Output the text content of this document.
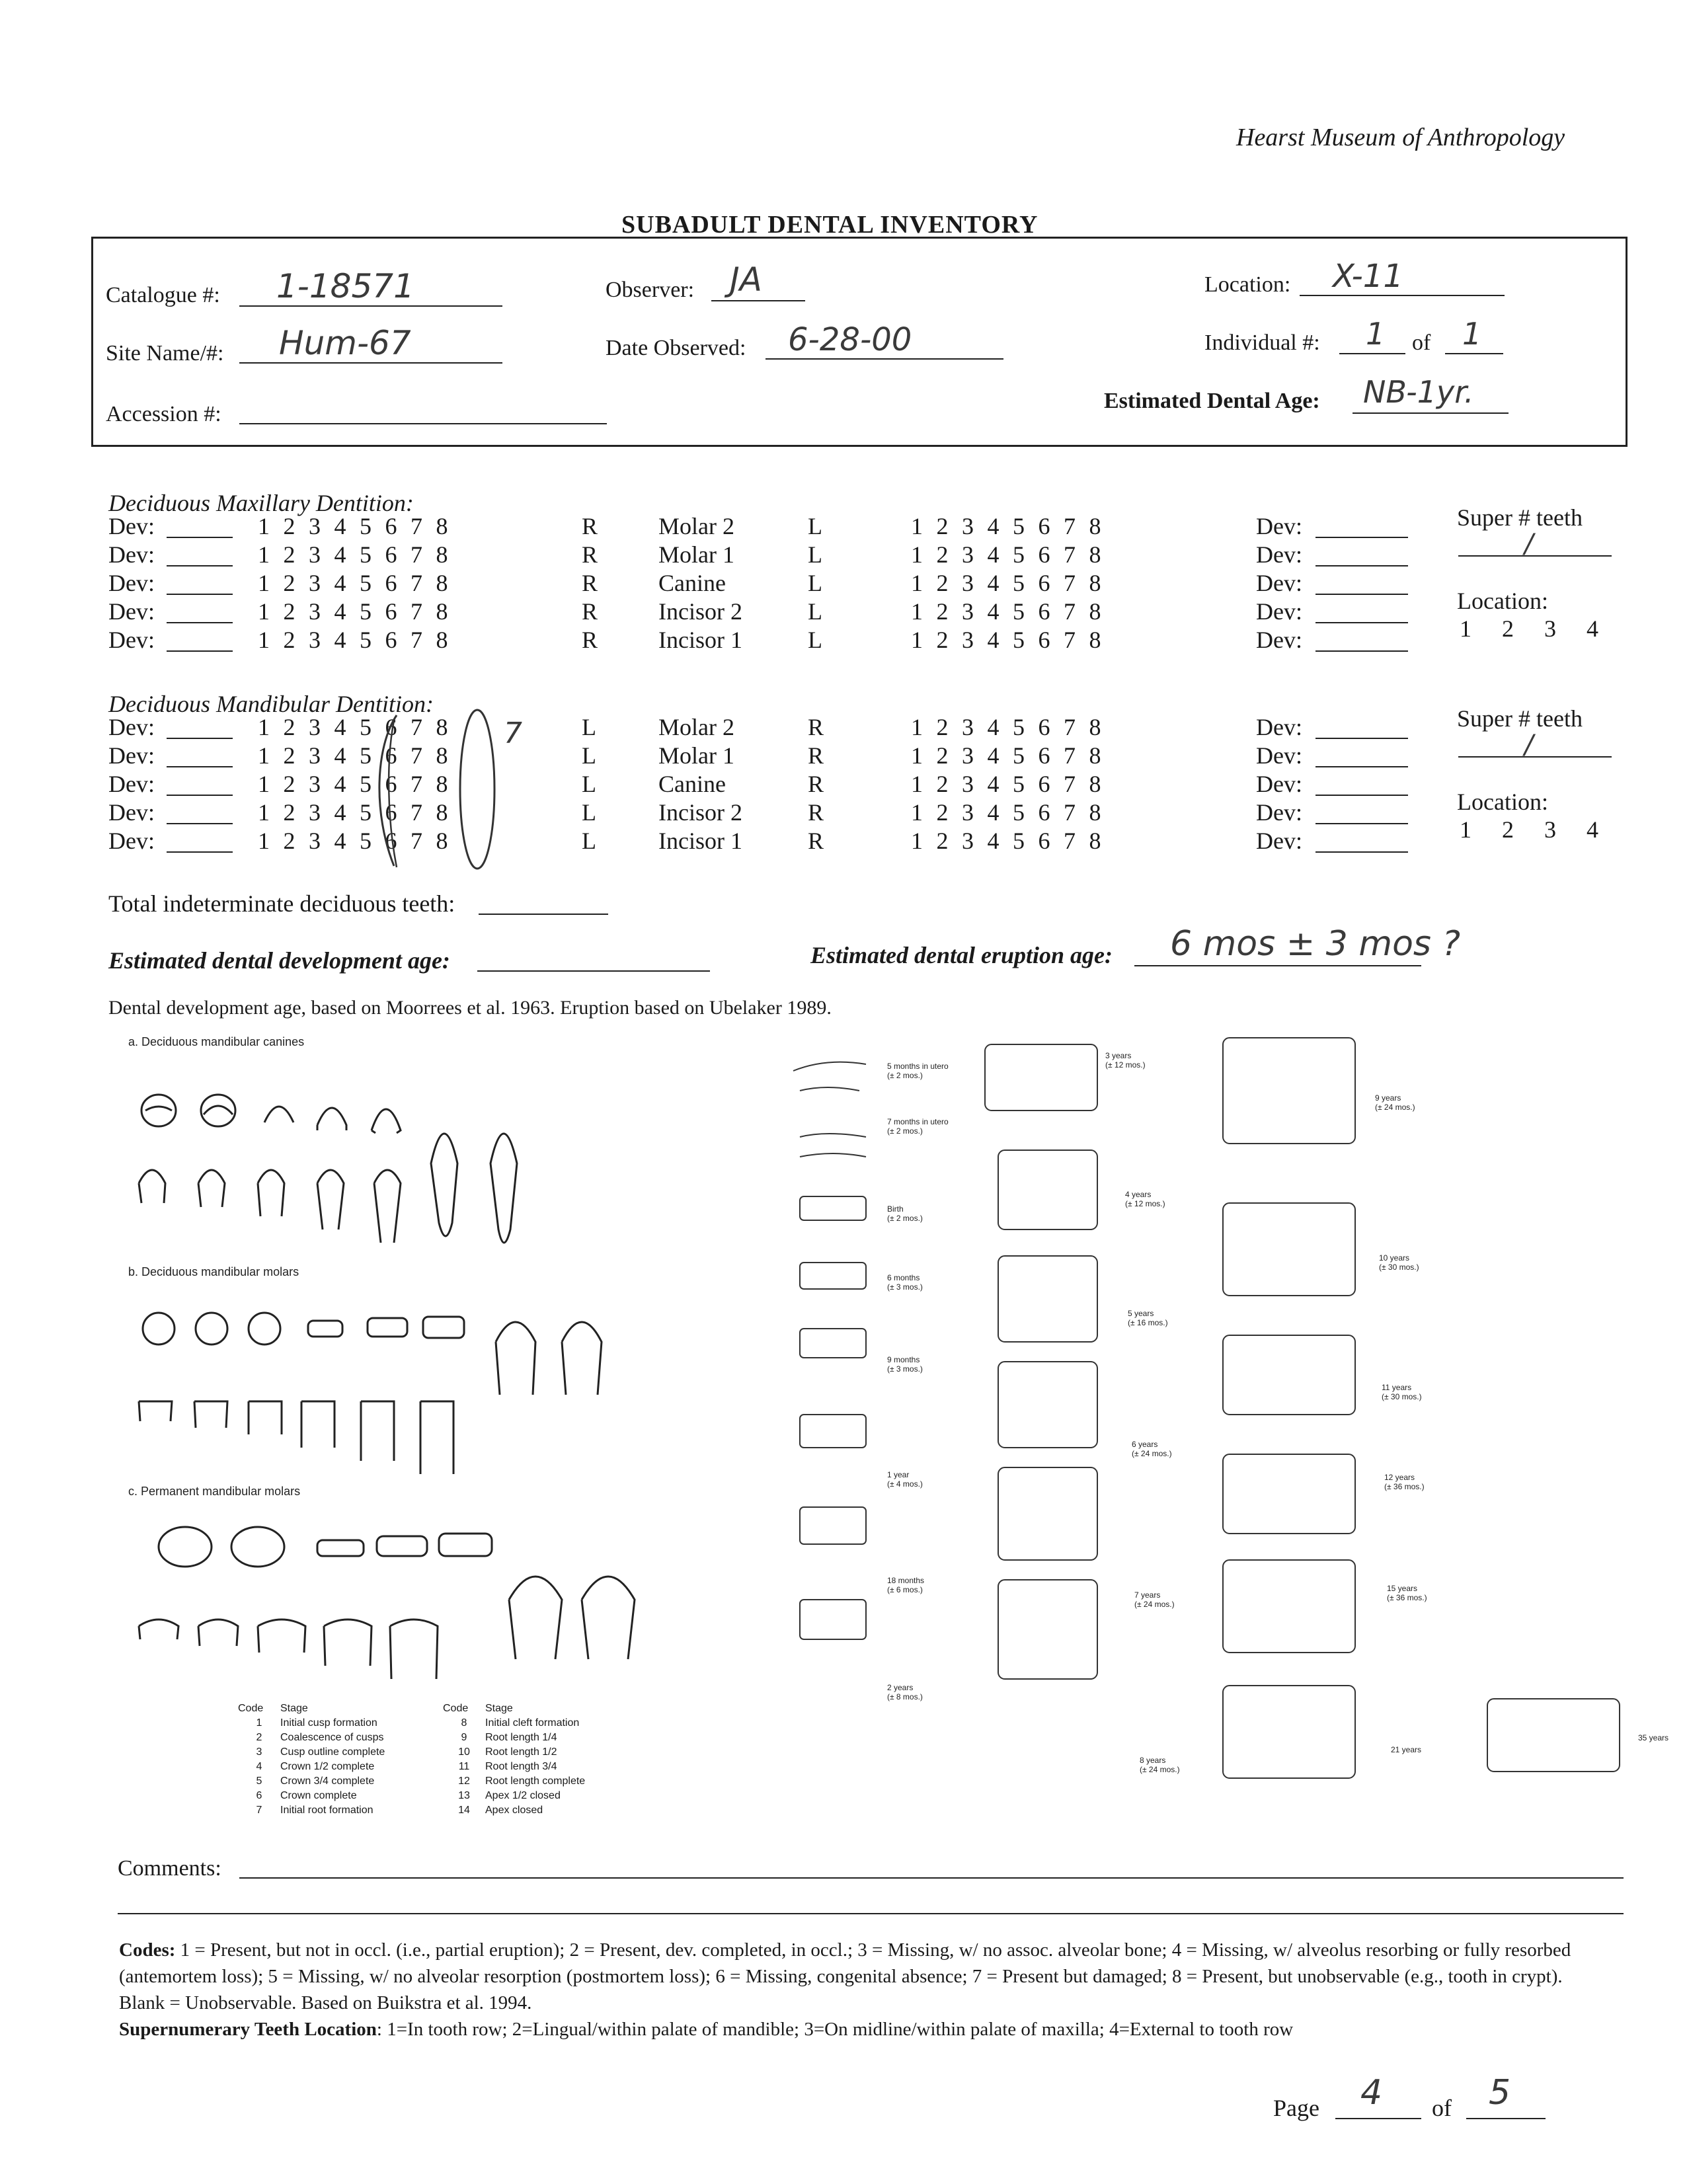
Hearst Museum of Anthropology
SUBADULT DENTAL INVENTORY
Catalogue #: 1-18571	Observer: JA	Location: X-11
Site Name/#: Hum-67	Date Observed: 6-28-00	Individual #: 1 of 1
Accession #:
Estimated Dental Age: NB-1yr.
Deciduous Maxillary Dentition:
Dev:	1 2 3 4 5 6 7 8	R	Molar 2	L	1 2 3 4 5 6 7 8	Dev:
Dev:	1 2 3 4 5 6 7 8	R	Molar 1	L	1 2 3 4 5 6 7 8	Dev:
Dev:	1 2 3 4 5 6 7 8	R	Canine	L	1 2 3 4 5 6 7 8	Dev:
Dev:	1 2 3 4 5 6 7 8	R	Incisor 2	L	1 2 3 4 5 6 7 8	Dev:
Dev:	1 2 3 4 5 6 7 8	R	Incisor 1	L	1 2 3 4 5 6 7 8	Dev:
Super # teeth
/
Location:
1 2 3 4
Deciduous Mandibular Dentition:
Dev:	1 2 3 4 5 6 7 8	L	Molar 2	R	1 2 3 4 5 6 7 8	Dev:
Dev:	1 2 3 4 5 6 7 8	L	Molar 1	R	1 2 3 4 5 6 7 8	Dev:
Dev:	1 2 3 4 5 6 7 8	L	Canine	R	1 2 3 4 5 6 7 8	Dev:
Dev:	1 2 3 4 5 6 7 8	L	Incisor 2	R	1 2 3 4 5 6 7 8	Dev:
Dev:	1 2 3 4 5 6 7 8	L	Incisor 1	R	1 2 3 4 5 6 7 8	Dev:
Super # teeth
/
Location:
1 2 3 4
7
Total indeterminate deciduous teeth:
Estimated dental development age:	Estimated dental eruption age: 6 mos ± 3 mos ?
Dental development age, based on Moorrees et al. 1963. Eruption based on Ubelaker 1989.
a. Deciduous mandibular canines
b. Deciduous mandibular molars
c. Permanent mandibular molars
Code Stage
1 Initial cusp formation
2 Coalescence of cusps
3 Cusp outline complete
4 Crown 1/2 complete
5 Crown 3/4 complete
6 Crown complete
7 Initial root formation
Code Stage
8 Initial cleft formation
9 Root length 1/4
10 Root length 1/2
11 Root length 3/4
12 Root length complete
13 Apex 1/2 closed
14 Apex closed
5 months in utero
(± 2 mos.)
7 months in utero
(± 2 mos.)
Birth
(± 2 mos.)
6 months
(± 3 mos.)
9 months
(± 3 mos.)
1 year
(± 4 mos.)
18 months
(± 6 mos.)
2 years
(± 8 mos.)
3 years
(± 12 mos.)
4 years
(± 12 mos.)
5 years
(± 16 mos.)
6 years
(± 24 mos.)
7 years
(± 24 mos.)
8 years
(± 24 mos.)
9 years
(± 24 mos.)
10 years
(± 30 mos.)
11 years
(± 30 mos.)
12 years
(± 36 mos.)
15 years
(± 36 mos.)
21 years
35 years
Comments:
Codes: 1 = Present, but not in occl. (i.e., partial eruption); 2 = Present, dev. completed, in occl.; 3 = Missing, w/ no assoc. alveolar bone; 4 = Missing, w/ alveolus resorbing or fully resorbed (antemortem loss); 5 = Missing, w/ no alveolar resorption (postmortem loss); 6 = Missing, congenital absence; 7 = Present but damaged; 8 = Present, but unobservable (e.g., tooth in crypt). Blank = Unobservable. Based on Buikstra et al. 1994.
Supernumerary Teeth Location: 1=In tooth row; 2=Lingual/within palate of mandible; 3=On midline/within palate of maxilla; 4=External to tooth row
Page 4 of 5
